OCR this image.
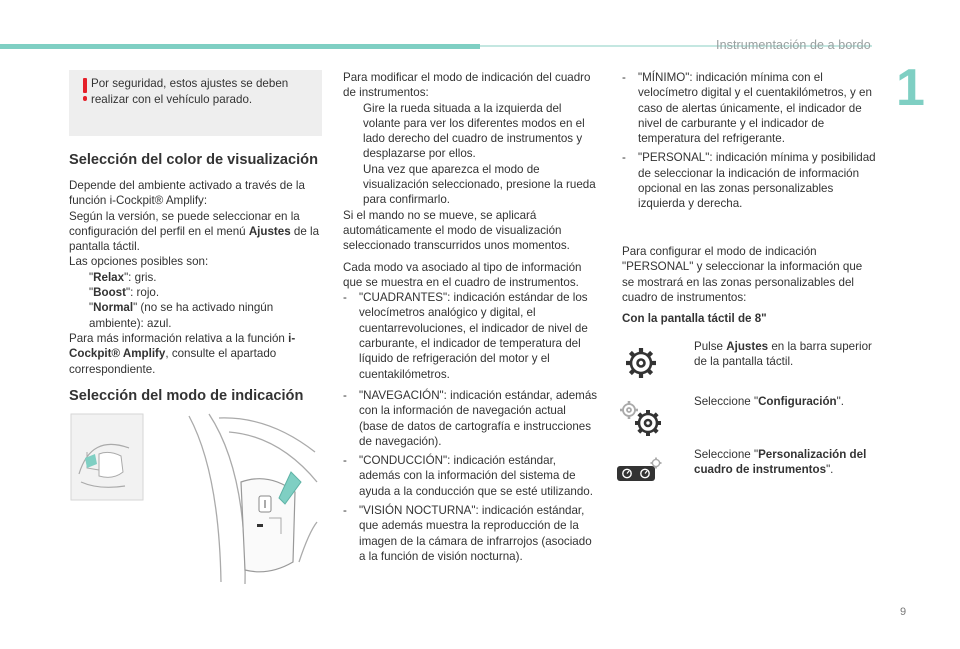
Instrumentación de a bordo
1
Por seguridad, estos ajustes se deben realizar con el vehículo parado.
Selección del color de visualización

Depende del ambiente activado a través de la función i-Cockpit® Amplify:

Según la versión, se puede seleccionar en la configuración del perfil en el menú Ajustes de la pantalla táctil.

Las opciones posibles son:

"Relax": gris.
"Boost": rojo.
"Normal" (no se ha activado ningún ambiente): azul.

Para más información relativa a la función i-Cockpit® Amplify, consulte el apartado correspondiente.

Selección del modo de indicación

Para modificar el modo de indicación del cuadro de instrumentos:

Gire la rueda situada a la izquierda del volante para ver los diferentes modos en el lado derecho del cuadro de instrumentos y desplazarse por ellos.
Una vez que aparezca el modo de visualización seleccionado, presione la rueda para confirmarlo.

Si el mando no se mueve, se aplicará automáticamente el modo de visualización seleccionado transcurridos unos momentos.

Cada modo va asociado al tipo de información que se muestra en el cuadro de instrumentos.

- "CUADRANTES": indicación estándar de los velocímetros analógico y digital, el cuentarrevoluciones, el indicador de nivel de carburante, el indicador de temperatura del líquido de refrigeración del motor y el cuentakilómetros.
- "NAVEGACIÓN": indicación estándar, además con la información de navegación actual (base de datos de cartografía e instrucciones de navegación).
- "CONDUCCIÓN": indicación estándar, además con la información del sistema de ayuda a la conducción que se esté utilizando.
- "VISIÓN NOCTURNA": indicación estándar, que además muestra la reproducción de la imagen de la cámara de infrarrojos (asociado a la función de visión nocturna).
- "MÍNIMO": indicación mínima con el velocímetro digital y el cuentakilómetros, y en caso de alertas únicamente, el indicador de nivel de carburante y el indicador de temperatura del refrigerante.
- "PERSONAL": indicación mínima y posibilidad de seleccionar la indicación de información opcional en las zonas personalizables izquierda y derecha.

Para configurar el modo de indicación "PERSONAL" y seleccionar la información que se mostrará en las zonas personalizables del cuadro de instrumentos:

Con la pantalla táctil de 8"

Pulse Ajustes en la barra superior de la pantalla táctil.
Seleccione "Configuración".
Seleccione "Personalización del cuadro de instrumentos".
9
